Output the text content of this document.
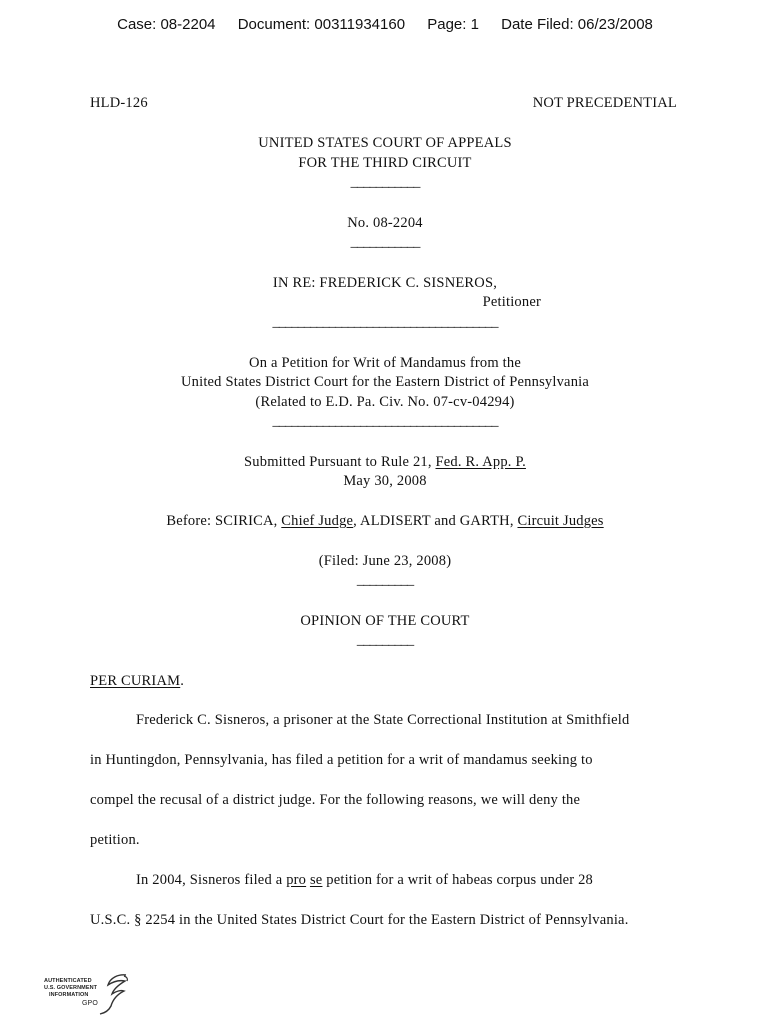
Case: 08-2204 Document: 00311934160 Page: 1 Date Filed: 06/23/2008
HLD-126	NOT PRECEDENTIAL
UNITED STATES COURT OF APPEALS
FOR THE THIRD CIRCUIT
___________
No. 08-2204
___________
IN RE: FREDERICK C. SISNEROS,
Petitioner
____________________________________
On a Petition for Writ of Mandamus from the
United States District Court for the Eastern District of Pennsylvania
(Related to E.D. Pa. Civ. No. 07-cv-04294)
____________________________________
Submitted Pursuant to Rule 21, Fed. R. App. P.
May 30, 2008
Before: SCIRICA, Chief Judge, ALDISERT and GARTH, Circuit Judges
(Filed: June 23, 2008)
_________
OPINION OF THE COURT
_________
PER CURIAM.
Frederick C. Sisneros, a prisoner at the State Correctional Institution at Smithfield
in Huntingdon, Pennsylvania, has filed a petition for a writ of mandamus seeking to
compel the recusal of a district judge. For the following reasons, we will deny the
petition.
In 2004, Sisneros filed a pro se petition for a writ of habeas corpus under 28
U.S.C. § 2254 in the United States District Court for the Eastern District of Pennsylvania.
AUTHENTICATED
U.S. GOVERNMENT
INFORMATION
GPO
